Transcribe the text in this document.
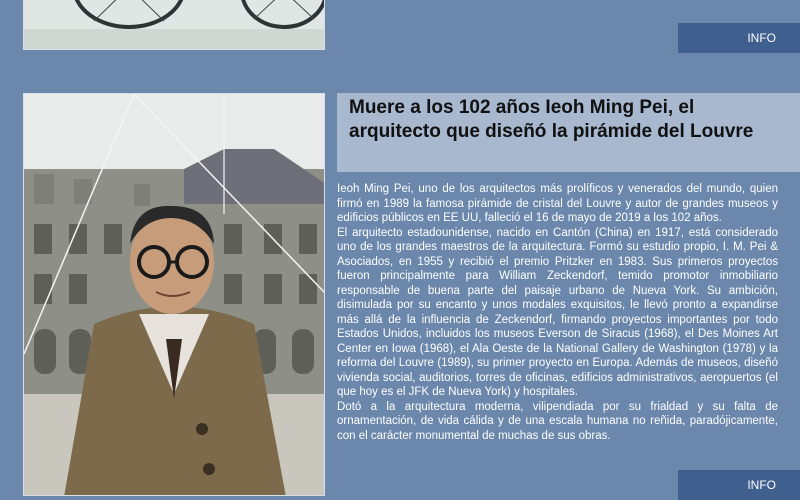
INFO
Muere a los 102 años Ieoh Ming Pei, el arquitecto que diseñó la pirámide del Louvre

Ieoh Ming Pei, uno de los arquitectos más prolíficos y venerados del mundo, quien firmó en 1989 la famosa pirámide de cristal del Louvre y autor de grandes museos y edificios públicos en EE UU, falleció el 16 de mayo de 2019 a los 102 años.

El arquitecto estadounidense, nacido en Cantón (China) en 1917, está considerado uno de los grandes maestros de la arquitectura. Formó su estudio propio, I. M. Pei & Asociados, en 1955 y recibió el premio Pritzker en 1983. Sus primeros proyectos fueron principalmente para William Zeckendorf, temido promotor inmobiliario responsable de buena parte del paisaje urbano de Nueva York. Su ambición, disimulada por su encanto y unos modales exquisitos, le llevó pronto a expandirse más allá de la influencia de Zeckendorf, firmando proyectos importantes por todo Estados Unidos, incluidos los museos Everson de Siracus (1968), el Des Moines Art Center en Iowa (1968), el Ala Oeste de la National Gallery de Washington (1978) y la reforma del Louvre (1989), su primer proyecto en Europa. Además de museos, diseñó vivienda social, auditorios, torres de oficinas, edificios administrativos, aeropuertos (el que hoy es el JFK de Nueva York) y hospitales.

Dotó a la arquitectura moderna, vilipendiada por su frialdad y su falta de ornamentación, de vida cálida y de una escala humana no reñida, paradójicamente, con el carácter monumental de muchas de sus obras.

INFO
